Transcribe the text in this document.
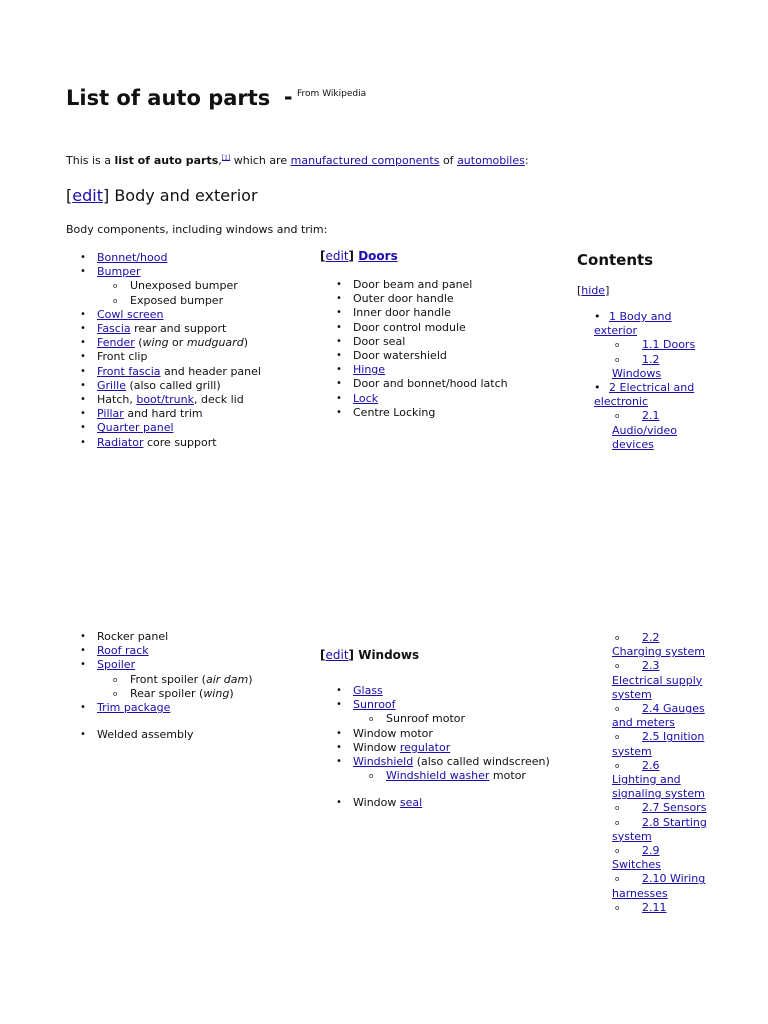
List of auto parts - $^{From Wikipedia}$
This is a list of auto parts,[1] which are manufactured components of automobiles:
[edit] Body and exterior
Body components, including windows and trim:
• Bonnet/hood
• Bumper
o Unexposed bumper
o Exposed bumper
• Cowl screen
• Fascia rear and support
• Fender (wing or mudguard)
• Front clip
• Front fascia and header panel
• Grille (also called grill)
• Hatch, boot/trunk, deck lid
• Pillar and hard trim
• Quarter panel
• Radiator core support
[edit] Doors
• Door beam and panel
• Outer door handle
• Inner door handle
• Door control module
• Door seal
• Door watershield
• Hinge
• Door and bonnet/hood latch
• Lock
• Centre Locking
Contents
[hide]
• 1 Body and exterior
o 1.1 Doors
o 1.2 Windows
• 2 Electrical and electronic
o 2.1 Audio/video devices
• Rocker panel
• Roof rack
• Spoiler
o Front spoiler (air dam)
o Rear spoiler (wing)
• Trim package
• Welded assembly
[edit] Windows
• Glass
• Sunroof
o Sunroof motor
• Window motor
• Window regulator
• Windshield (also called windscreen)
o Windshield washer motor
• Window seal
o 2.2 Charging system
o 2.3 Electrical supply system
o 2.4 Gauges and meters
o 2.5 Ignition system
o 2.6 Lighting and signaling system
o 2.7 Sensors
o 2.8 Starting system
o 2.9 Switches
o 2.10 Wiring harnesses
o 2.11
